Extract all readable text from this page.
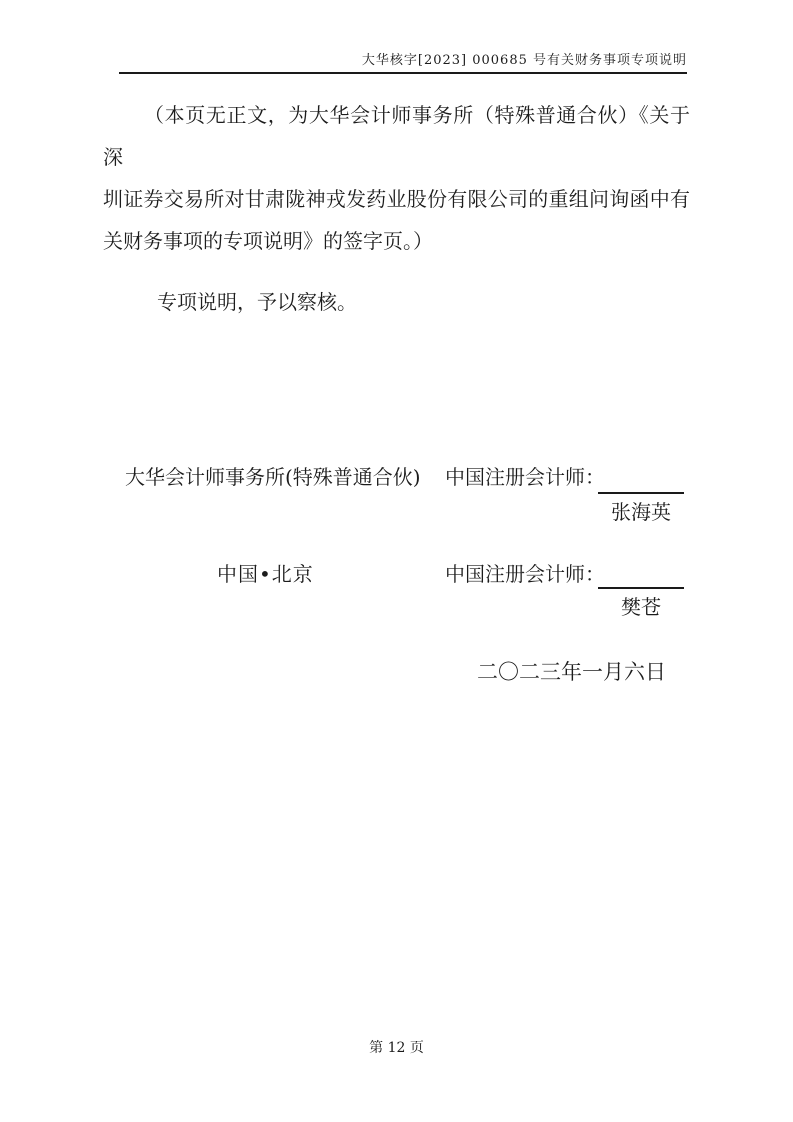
大华核字[2023] 000685 号有关财务事项专项说明
（本页无正文，为大华会计师事务所（特殊普通合伙）《关于深
圳证券交易所对甘肃陇神戎发药业股份有限公司的重组问询函中有
关财务事项的专项说明》的签字页。）
专项说明，予以察核。
大华会计师事务所(特殊普通合伙) 中国注册会计师：
张海英
中国•北京	中国注册会计师：
樊苍
二〇二三年一月六日
第 12 页
